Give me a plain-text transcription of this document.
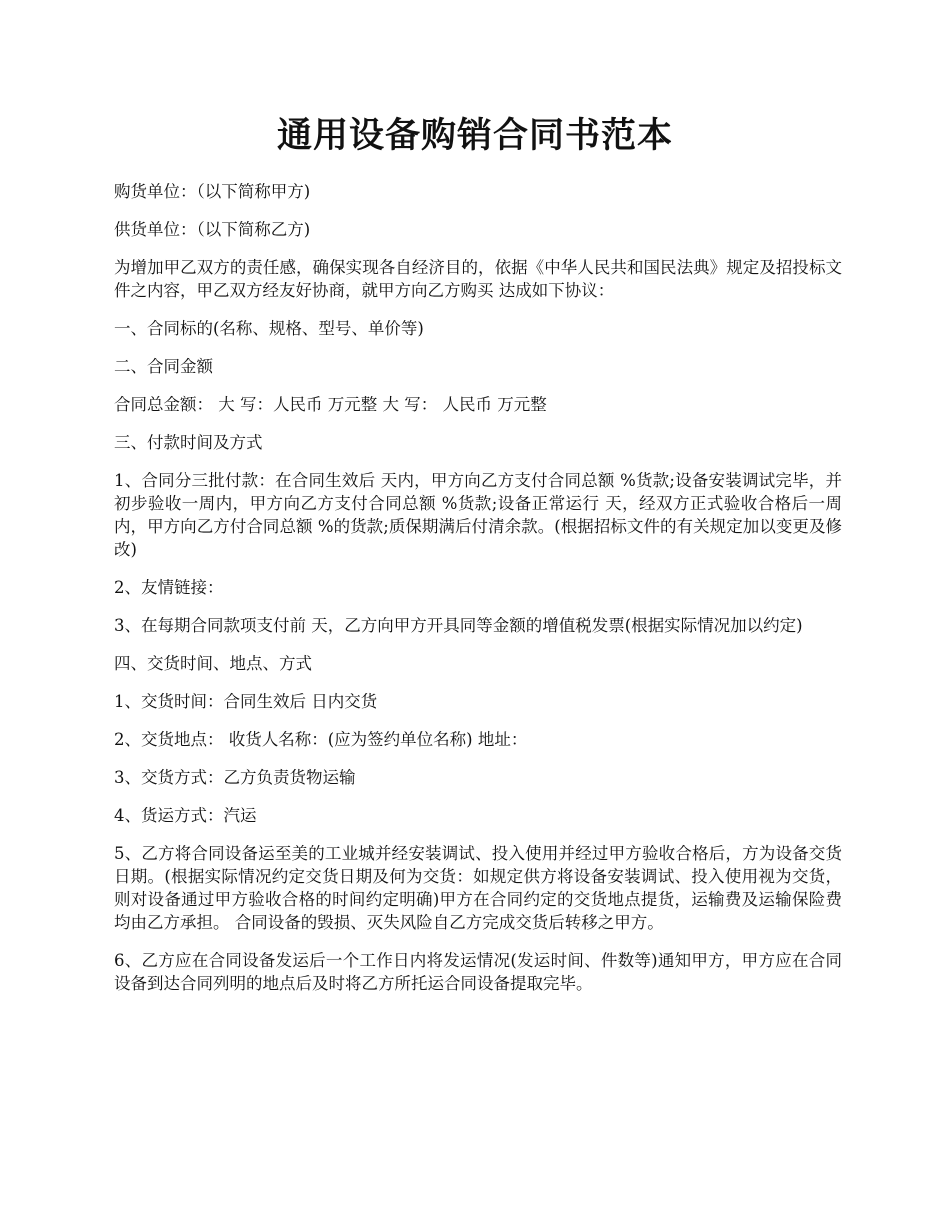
通用设备购销合同书范本

购货单位：（以下简称甲方)

供货单位：（以下简称乙方)

为增加甲乙双方的责任感，确保实现各自经济目的，依据《中华人民共和国民法典》规定及招投标文件之内容，甲乙双方经友好协商，就甲方向乙方购买 达成如下协议：

一、合同标的(名称、规格、型号、单价等)

二、合同金额

合同总金额： 大 写：人民币 万元整 大 写： 人民币 万元整

三、付款时间及方式

1、合同分三批付款：在合同生效后 天内，甲方向乙方支付合同总额 %货款;设备安装调试完毕，并初步验收一周内，甲方向乙方支付合同总额 %货款;设备正常运行 天，经双方正式验收合格后一周内，甲方向乙方付合同总额 %的货款;质保期满后付清余款。(根据招标文件的有关规定加以变更及修改)

2、友情链接：

3、在每期合同款项支付前 天，乙方向甲方开具同等金额的增值税发票(根据实际情况加以约定)

四、交货时间、地点、方式

1、交货时间：合同生效后 日内交货

2、交货地点： 收货人名称：(应为签约单位名称) 地址：

3、交货方式：乙方负责货物运输

4、货运方式：汽运

5、乙方将合同设备运至美的工业城并经安装调试、投入使用并经过甲方验收合格后，方为设备交货日期。(根据实际情况约定交货日期及何为交货：如规定供方将设备安装调试、投入使用视为交货，则对设备通过甲方验收合格的时间约定明确)甲方在合同约定的交货地点提货，运输费及运输保险费均由乙方承担。 合同设备的毁损、灭失风险自乙方完成交货后转移之甲方。

6、乙方应在合同设备发运后一个工作日内将发运情况(发运时间、件数等)通知甲方，甲方应在合同设备到达合同列明的地点后及时将乙方所托运合同设备提取完毕。
